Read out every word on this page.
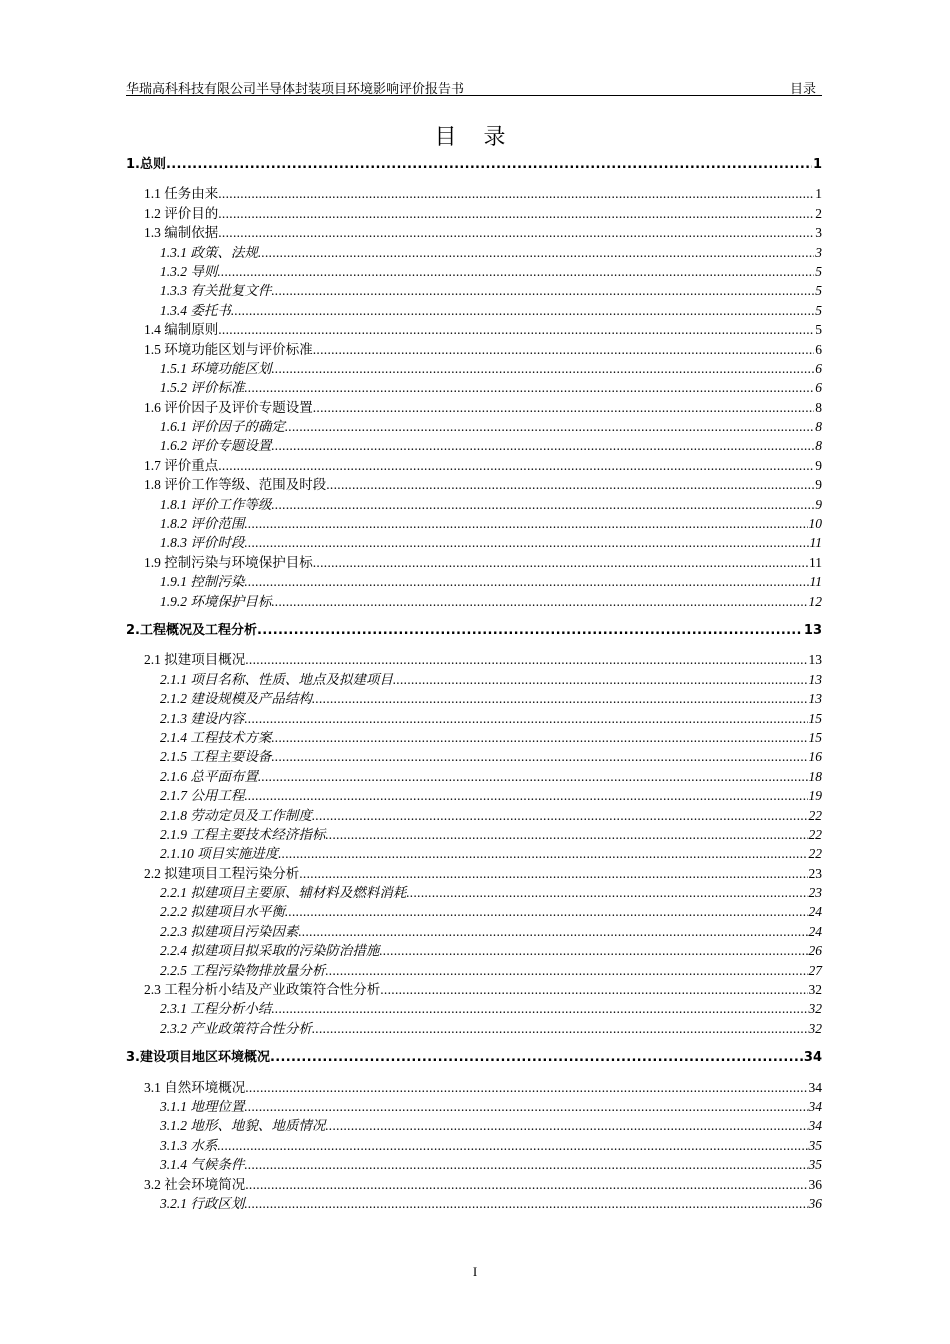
华瑞高科科技有限公司半导体封装项目环境影响评价报告书	目录
目 录
1.总则 .....	1
1.1 任务由来 .....	1
1.2 评价目的 .....	2
1.3 编制依据 .....	3
1.3.1 政策、法规 .....	3
1.3.2 导则 .....	5
1.3.3 有关批复文件 .....	5
1.3.4 委托书 .....	5
1.4 编制原则 .....	5
1.5 环境功能区划与评价标准 .....	6
1.5.1 环境功能区划 .....	6
1.5.2 评价标准 .....	6
1.6 评价因子及评价专题设置 .....	8
1.6.1 评价因子的确定 .....	8
1.6.2 评价专题设置 .....	8
1.7 评价重点 .....	9
1.8 评价工作等级、范围及时段 .....	9
1.8.1 评价工作等级 .....	9
1.8.2 评价范围 .....	10
1.8.3 评价时段 .....	11
1.9 控制污染与环境保护目标 .....	11
1.9.1 控制污染 .....	11
1.9.2 环境保护目标 .....	12
2.工程概况及工程分析 .....	13
2.1 拟建项目概况 .....	13
2.1.1 项目名称、性质、地点及拟建项目 .....	13
2.1.2 建设规模及产品结构 .....	13
2.1.3 建设内容 .....	15
2.1.4 工程技术方案 .....	15
2.1.5 工程主要设备 .....	16
2.1.6 总平面布置 .....	18
2.1.7 公用工程 .....	19
2.1.8 劳动定员及工作制度 .....	22
2.1.9 工程主要技术经济指标 .....	22
2.1.10 项目实施进度 .....	22
2.2 拟建项目工程污染分析 .....	23
2.2.1 拟建项目主要原、辅材料及燃料消耗 .....	23
2.2.2 拟建项目水平衡 .....	24
2.2.3 拟建项目污染因素 .....	24
2.2.4 拟建项目拟采取的污染防治措施 .....	26
2.2.5 工程污染物排放量分析 .....	27
2.3 工程分析小结及产业政策符合性分析 .....	32
2.3.1 工程分析小结 .....	32
2.3.2 产业政策符合性分析 .....	32
3.建设项目地区环境概况 .....	34
3.1 自然环境概况 .....	34
3.1.1 地理位置 .....	34
3.1.2 地形、地貌、地质情况 .....	34
3.1.3 水系 .....	35
3.1.4 气候条件 .....	35
3.2 社会环境简况 .....	36
3.2.1 行政区划 .....	36
I
